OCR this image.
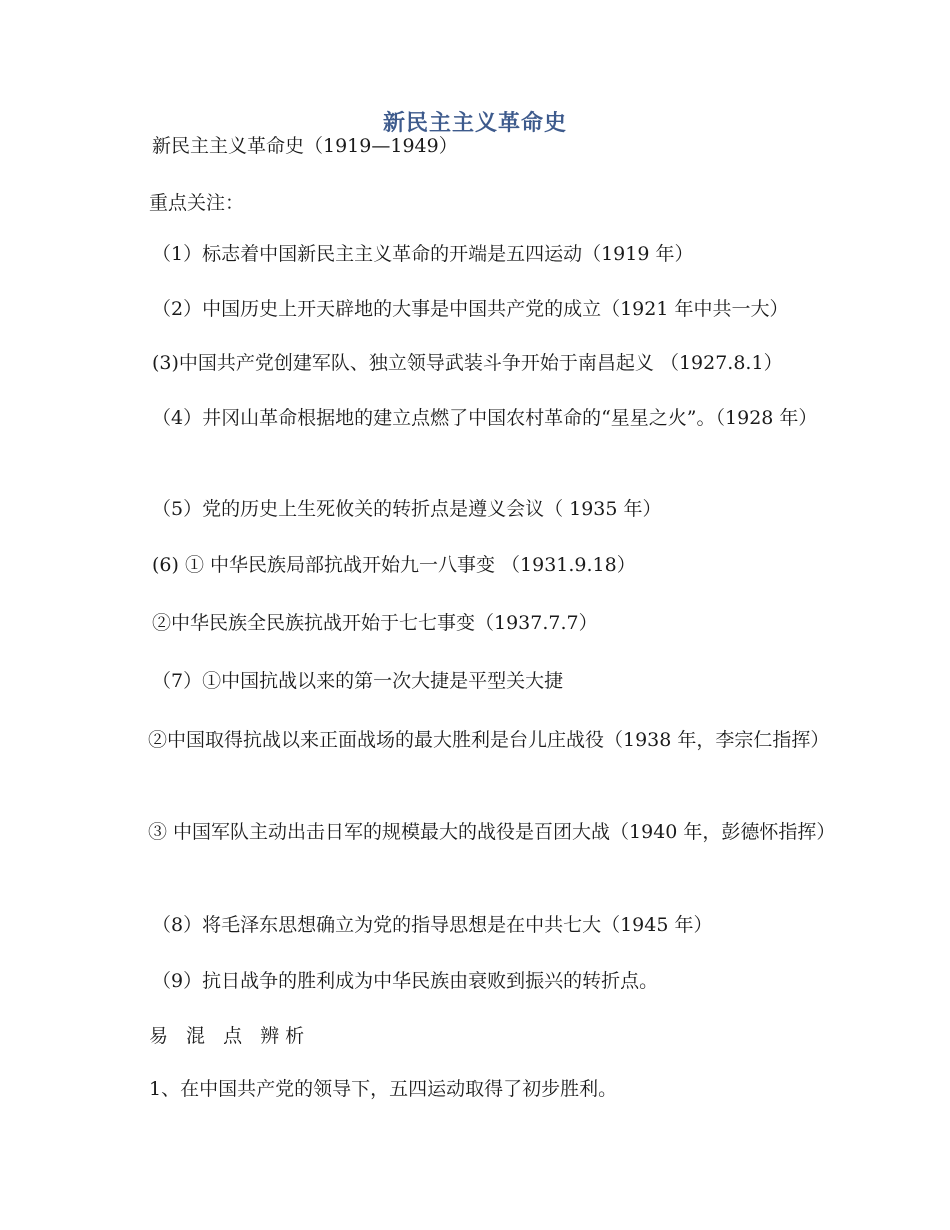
新民主主义革命史
新民主主义革命史（1919—1949）
重点关注：
（1）标志着中国新民主主义革命的开端是五四运动（1919 年）
（2）中国历史上开天辟地的大事是中国共产党的成立（1921 年中共一大）
(3)中国共产党创建军队、独立领导武装斗争开始于南昌起义 （1927.8.1）
（4）井冈山革命根据地的建立点燃了中国农村革命的“星星之火”。（1928 年）
（5）党的历史上生死攸关的转折点是遵义会议（ 1935 年）
(6) ① 中华民族局部抗战开始九一八事变 （1931.9.18）
②中华民族全民族抗战开始于七七事变（1937.7.7）
（7）①中国抗战以来的第一次大捷是平型关大捷
②中国取得抗战以来正面战场的最大胜利是台儿庄战役（1938 年，李宗仁指挥）
③ 中国军队主动出击日军的规模最大的战役是百团大战（1940 年，彭德怀指挥）
（8）将毛泽东思想确立为党的指导思想是在中共七大（1945 年）
（9）抗日战争的胜利成为中华民族由衰败到振兴的转折点。
易 混 点 辨析
1、在中国共产党的领导下，五四运动取得了初步胜利。
